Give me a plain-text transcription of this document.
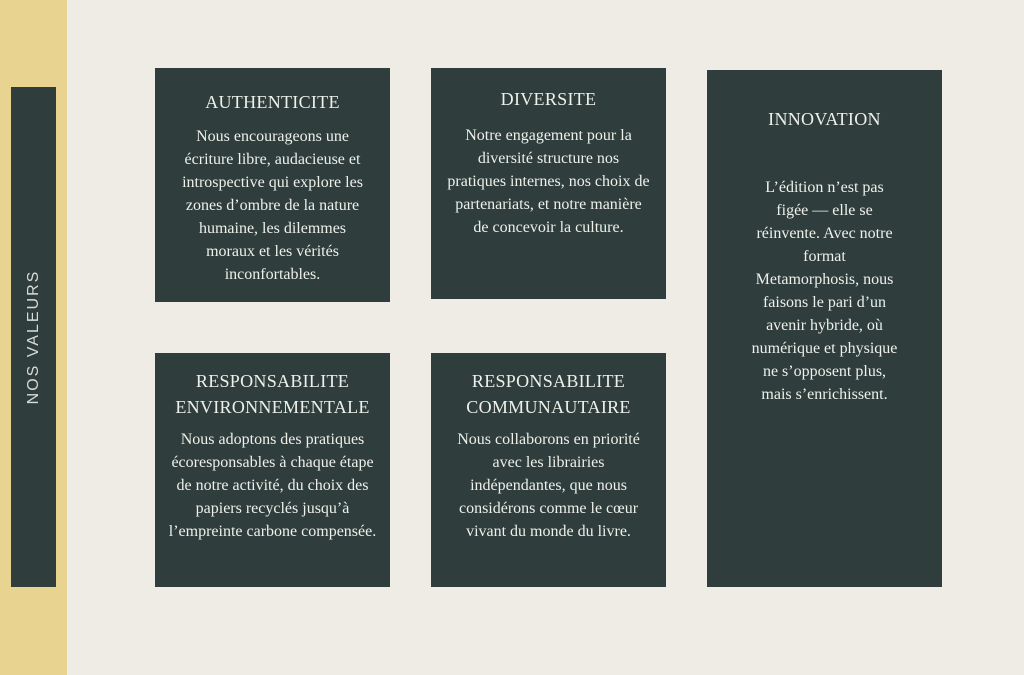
NOS VALEURS
AUTHENTICITE

Nous encourageons une écriture libre, audacieuse et introspective qui explore les zones d’ombre de la nature humaine, les dilemmes moraux et les vérités inconfortables.

DIVERSITE

Notre engagement pour la diversité structure nos pratiques internes, nos choix de partenariats, et notre manière de concevoir la culture.

INNOVATION

L’édition n’est pas figée — elle se réinvente. Avec notre format Metamorphosis, nous faisons le pari d’un avenir hybride, où numérique et physique ne s’opposent plus, mais s’enrichissent.

RESPONSABILITE ENVIRONNEMENTALE

Nous adoptons des pratiques écoresponsables à chaque étape de notre activité, du choix des papiers recyclés jusqu’à l’empreinte carbone compensée.

RESPONSABILITE COMMUNAUTAIRE

Nous collaborons en priorité avec les librairies indépendantes, que nous considérons comme le cœur vivant du monde du livre.
